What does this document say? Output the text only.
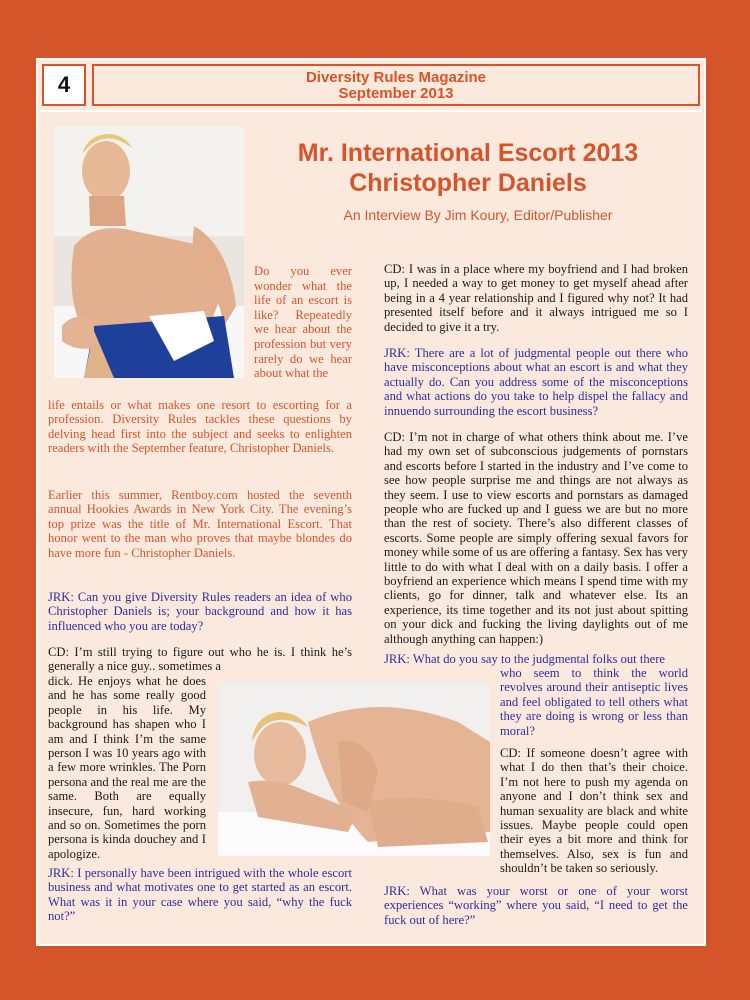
4	Diversity Rules Magazine
September 2013
Mr. International Escort 2013
Christopher Daniels
An Interview By Jim Koury, Editor/Publisher
Do you ever wonder what the life of an escort is like? Repeatedly we hear about the profession but very rarely do we hear about what the
life entails or what makes one resort to escorting for a profession. Diversity Rules tackles these questions by delving head first into the subject and seeks to enlighten readers with the September feature, Christopher Daniels.
Earlier this summer, Rentboy.com hosted the seventh annual Hookies Awards in New York City. The evening’s top prize was the title of Mr. International Escort. That honor went to the man who proves that maybe blondes do have more fun - Christopher Daniels.
JRK: Can you give Diversity Rules readers an idea of who Christopher Daniels is; your background and how it has influenced who you are today?
CD: I’m still trying to figure out who he is. I think he’s generally a nice guy.. sometimes a
dick. He enjoys what he does and he has some really good people in his life. My background has shapen who I am and I think I’m the same person I was 10 years ago with a few more wrinkles. The Porn persona and the real me are the same. Both are equally insecure, fun, hard working and so on. Sometimes the porn persona is kinda douchey and I apologize.
JRK: I personally have been intrigued with the whole escort business and what motivates one to get started as an escort. What was it in your case where you said, “why the fuck not?”
CD: I was in a place where my boyfriend and I had broken up, I needed a way to get money to get myself ahead after being in a 4 year relationship and I figured why not? It had presented itself before and it always intrigued me so I decided to give it a try.
JRK: There are a lot of judgmental people out there who have misconceptions about what an escort is and what they actually do. Can you address some of the misconceptions and what actions do you take to help dispel the fallacy and innuendo surrounding the escort business?
CD: I’m not in charge of what others think about me. I’ve had my own set of subconscious judgements of pornstars and escorts before I started in the industry and I’ve come to see how people surprise me and things are not always as they seem. I use to view escorts and pornstars as damaged people who are fucked up and I guess we are but no more than the rest of society. There’s also different classes of escorts. Some people are simply offering sexual favors for money while some of us are offering a fantasy. Sex has very little to do with what I deal with on a daily basis. I offer a boyfriend an experience which means I spend time with my clients, go for dinner, talk and whatever else. Its an experience, its time together and its not just about spitting on your dick and fucking the living daylights out of me although anything can happen:)
JRK: What do you say to the judgmental folks out there
who seem to think the world revolves around their antiseptic lives and feel obligated to tell others what they are doing is wrong or less than moral?
CD: If someone doesn’t agree with what I do then that’s their choice. I’m not here to push my agenda on anyone and I don’t think sex and human sexuality are black and white issues. Maybe people could open their eyes a bit more and think for themselves. Also, sex is fun and shouldn’t be taken so seriously.
JRK: What was your worst or one of your worst experiences “working” where you said, “I need to get the fuck out of here?”
